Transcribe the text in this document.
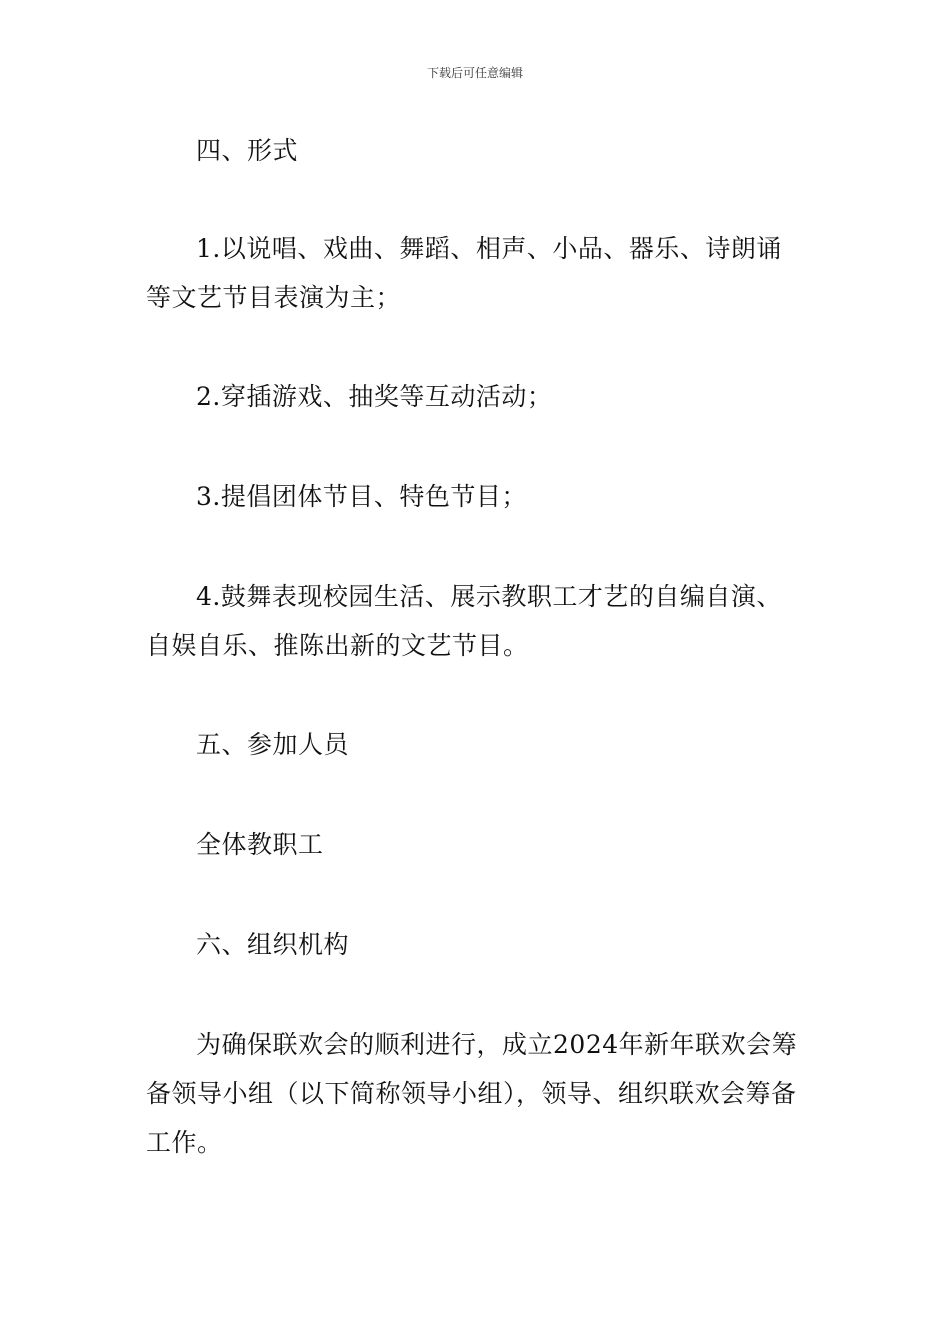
下载后可任意编辑
四、形式
1.以说唱、戏曲、舞蹈、相声、小品、器乐、诗朗诵等文艺节目表演为主；
2.穿插游戏、抽奖等互动活动；
3.提倡团体节目、特色节目；
4.鼓舞表现校园生活、展示教职工才艺的自编自演、自娱自乐、推陈出新的文艺节目。
五、参加人员
全体教职工
六、组织机构
为确保联欢会的顺利进行，成立2024年新年联欢会筹备领导小组（以下简称领导小组），领导、组织联欢会筹备工作。
